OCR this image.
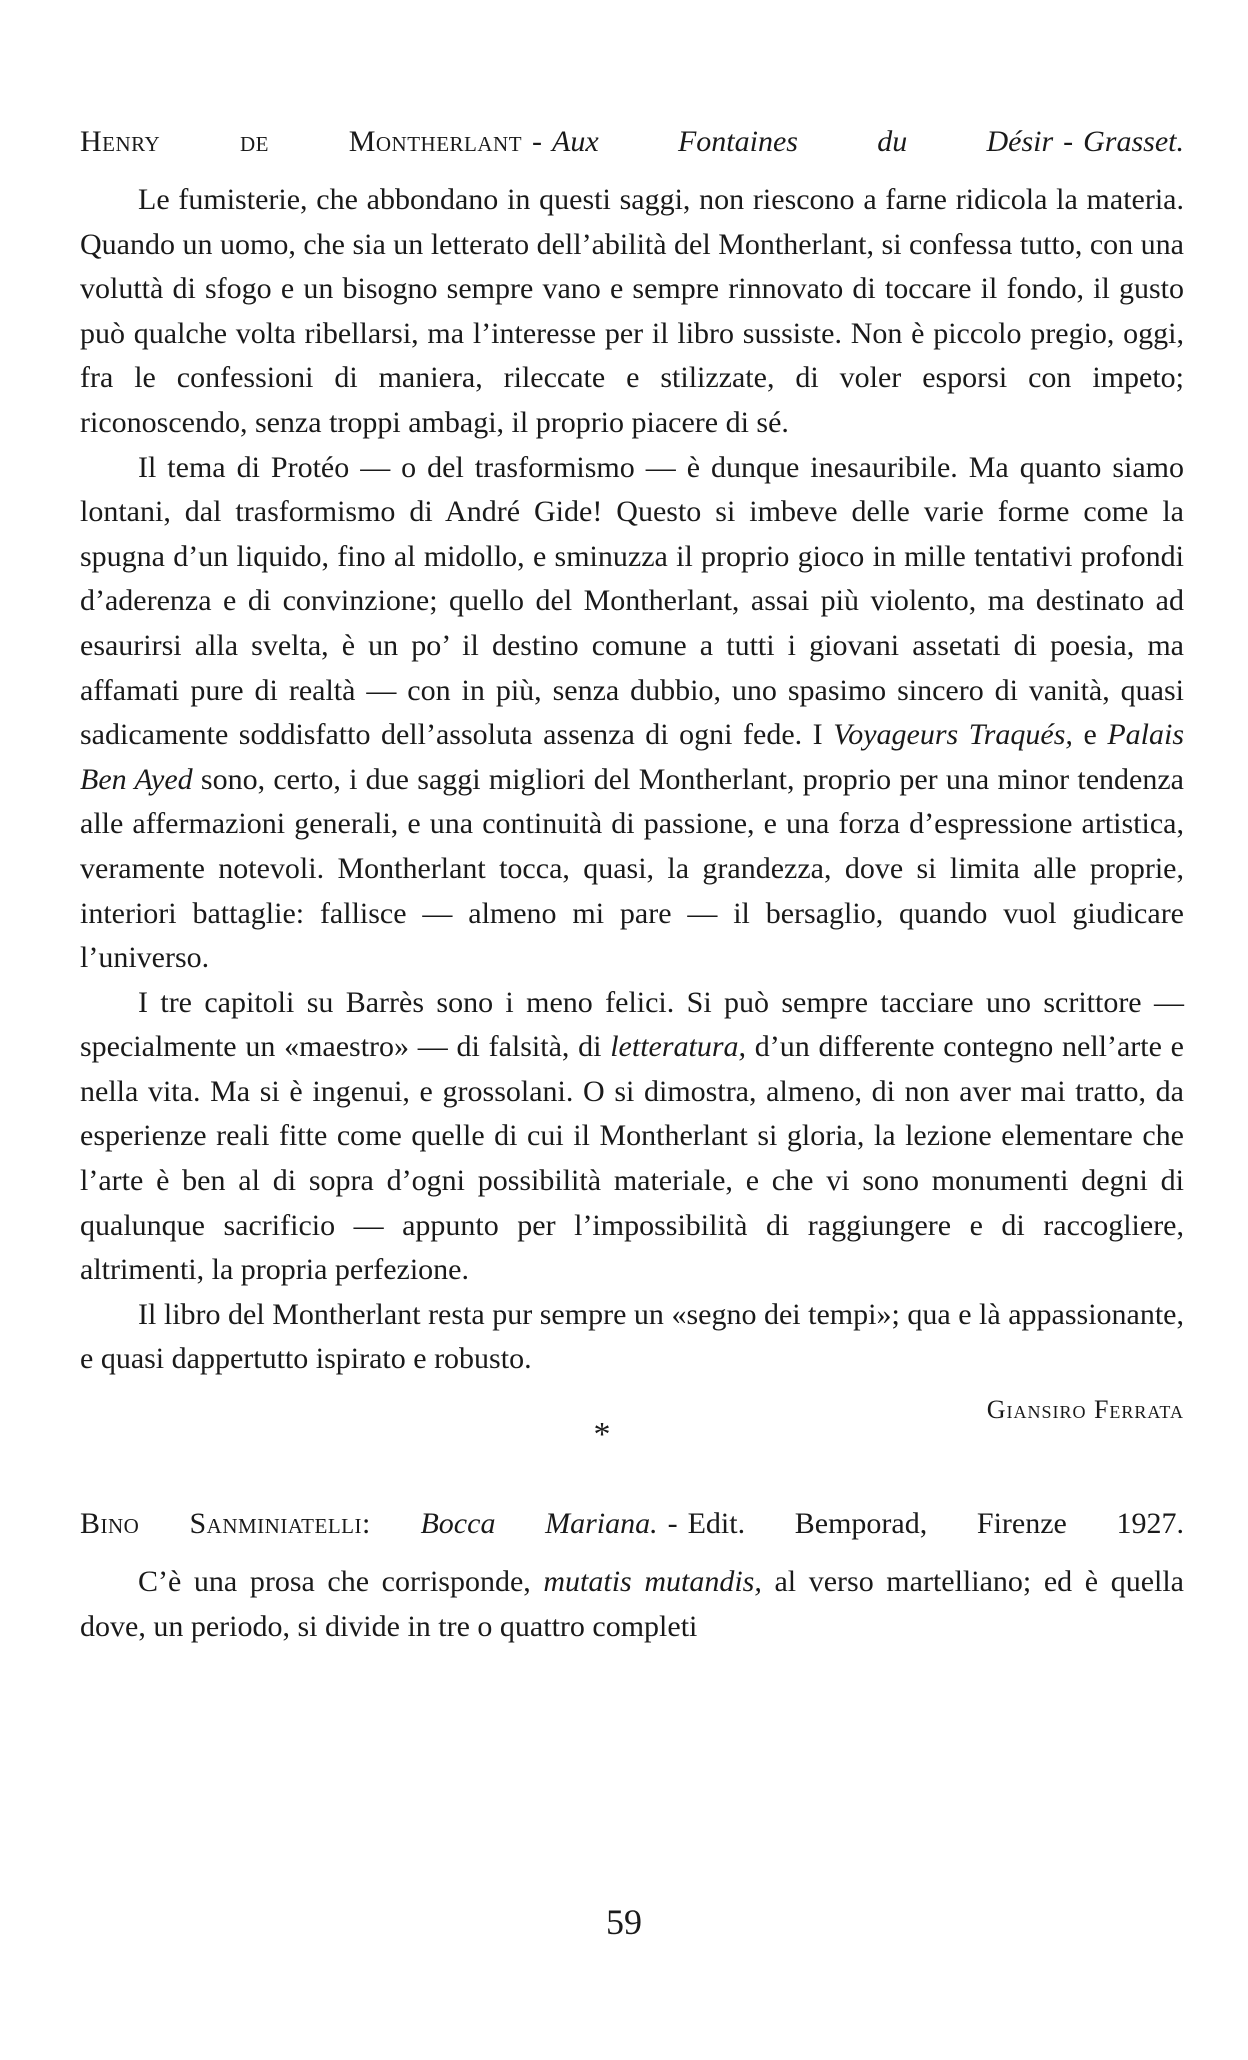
Henry de Montherlant - Aux Fontaines du Désir - Grasset.

Le fumisterie, che abbondano in questi saggi, non riescono a farne ridicola la materia. Quando un uomo, che sia un letterato dell’abilità del Montherlant, si confessa tutto, con una voluttà di sfogo e un bisogno sempre vano e sempre rinnovato di toccare il fondo, il gusto può qualche volta ribellarsi, ma l’interesse per il libro sussiste. Non è piccolo pregio, oggi, fra le confessioni di maniera, rileccate e stilizzate, di voler esporsi con impeto; riconoscendo, senza troppi ambagi, il proprio piacere di sé.

Il tema di Protéo — o del trasformismo — è dunque inesauribile. Ma quanto siamo lontani, dal trasformismo di André Gide! Questo si imbeve delle varie forme come la spugna d’un liquido, fino al midollo, e sminuzza il proprio gioco in mille tentativi profondi d’aderenza e di convinzione; quello del Montherlant, assai più violento, ma destinato ad esaurirsi alla svelta, è un po’ il destino comune a tutti i giovani assetati di poesia, ma affamati pure di realtà — con in più, senza dubbio, uno spasimo sincero di vanità, quasi sadicamente soddisfatto dell’assoluta assenza di ogni fede. I Voyageurs Traqués, e Palais Ben Ayed sono, certo, i due saggi migliori del Montherlant, proprio per una minor tendenza alle affermazioni generali, e una continuità di passione, e una forza d’espressione artistica, veramente notevoli. Montherlant tocca, quasi, la grandezza, dove si limita alle proprie, interiori battaglie: fallisce — almeno mi pare — il bersaglio, quando vuol giudicare l’universo.

I tre capitoli su Barrès sono i meno felici. Si può sempre tacciare uno scrittore — specialmente un «maestro» — di falsità, di letteratura, d’un differente contegno nell’arte e nella vita. Ma si è ingenui, e grossolani. O si dimostra, almeno, di non aver mai tratto, da esperienze reali fitte come quelle di cui il Montherlant si gloria, la lezione elementare che l’arte è ben al di sopra d’ogni possibilità materiale, e che vi sono monumenti degni di qualunque sacrificio — appunto per l’impossibilità di raggiungere e di raccogliere, altrimenti, la propria perfezione.

Il libro del Montherlant resta pur sempre un «segno dei tempi»; qua e là appassionante, e quasi dappertutto ispirato e robusto.

Giansiro Ferrata
*
Bino Sanminiatelli: Bocca Mariana. - Edit. Bemporad, Firenze 1927.

C’è una prosa che corrisponde, mutatis mutandis, al verso martelliano; ed è quella dove, un periodo, si divide in tre o quattro completi

59
